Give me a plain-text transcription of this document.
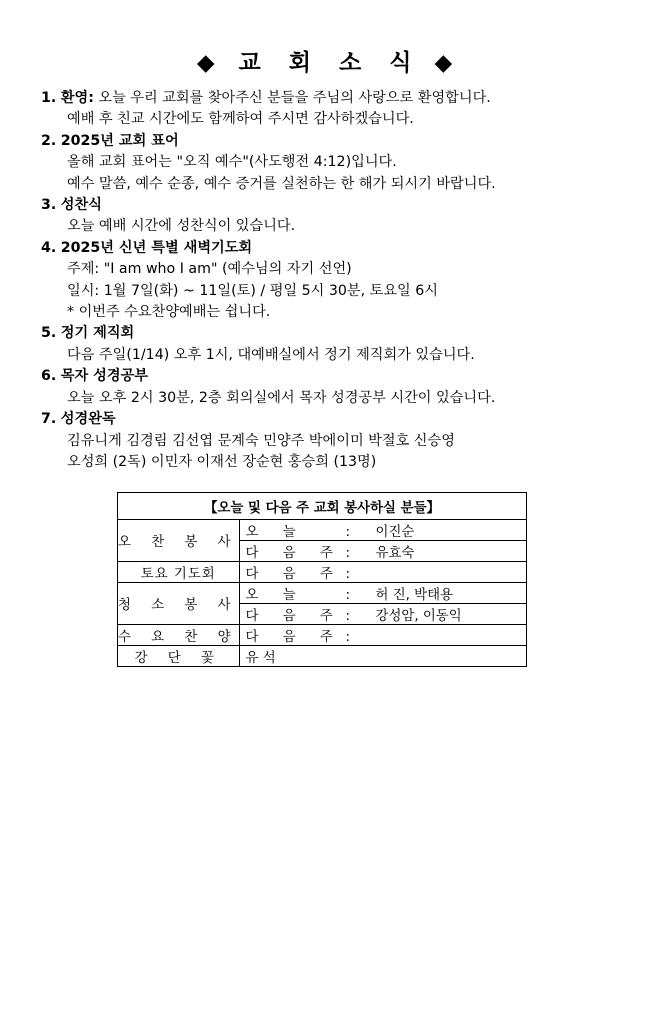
◆ 교 회 소 식 ◆
1. 환영: 오늘 우리 교회를 찾아주신 분들을 주님의 사랑으로 환영합니다.
예배 후 친교 시간에도 함께하여 주시면 감사하겠습니다.
2. 2025년 교회 표어
올해 교회 표어는 "오직 예수"(사도행전 4:12)입니다.
예수 말씀, 예수 순종, 예수 증거를 실천하는 한 해가 되시기 바랍니다.
3. 성찬식
오늘 예배 시간에 성찬식이 있습니다.
4. 2025년 신년 특별 새벽기도회
주제: "I am who I am" (예수님의 자기 선언)
일시: 1월 7일(화) ~ 11일(토) / 평일 5시 30분, 토요일 6시
* 이번주 수요찬양예배는 쉽니다.
5. 정기 제직회
다음 주일(1/14) 오후 1시, 대예배실에서 정기 제직회가 있습니다.
6. 목자 성경공부
오늘 오후 2시 30분, 2층 회의실에서 목자 성경공부 시간이 있습니다.
7. 성경완독
김유니게 김경림 김선엽 문계숙 민양주 박에이미 박절호 신승영
오성희 (2독) 이민자 이재선 장순현 홍승희 (13명)
【오늘 및 다음 주 교회 봉사하실 분들】	
오 찬 봉 사	오 늘 : 이진순
	다 음 주 : 유효숙
토요 기도회	다 음 주 :
청 소 봉 사	오 늘 : 허 진, 박태용
	다 음 주 : 강성암, 이동익
수 요 찬 양	다 음 주 :
강 단 꽃	유 석
